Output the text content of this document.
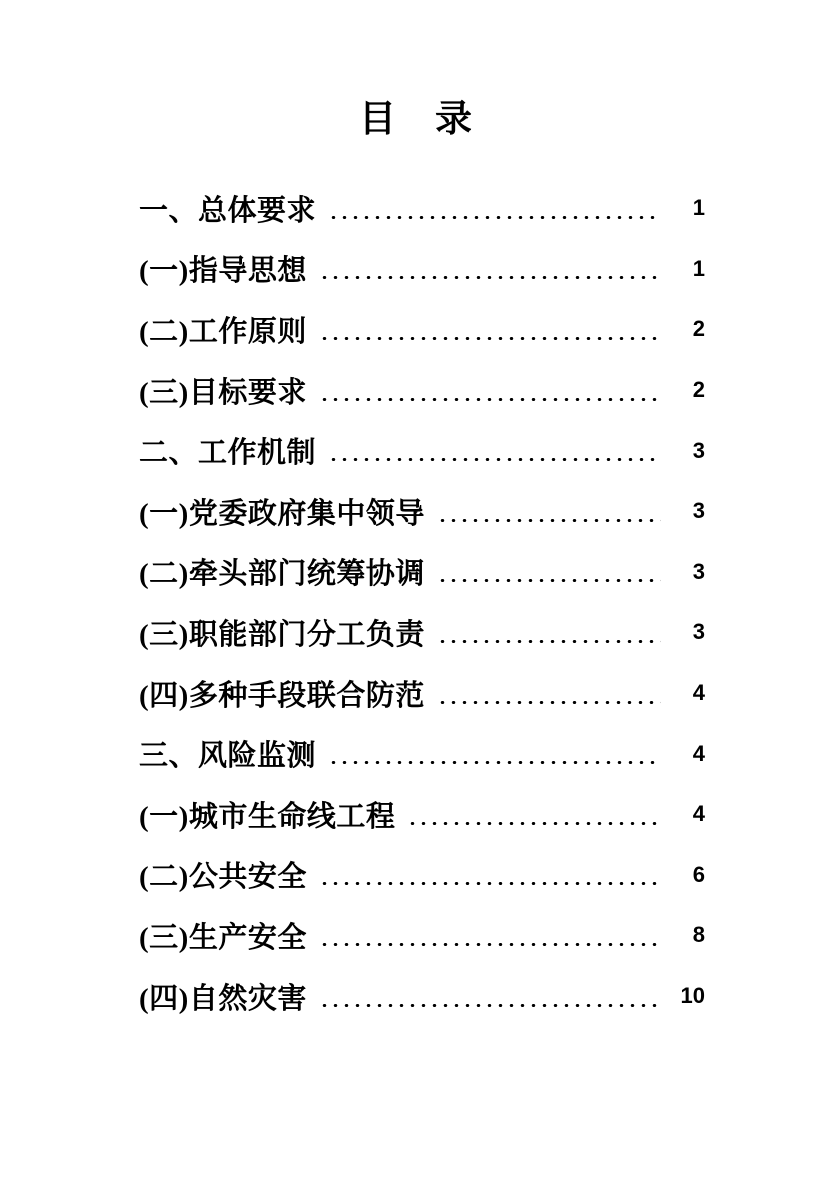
目　录
一、总体要求	1
(一)指导思想	1
(二)工作原则	2
(三)目标要求	2
二、工作机制	3
(一)党委政府集中领导	3
(二)牵头部门统筹协调	3
(三)职能部门分工负责	3
(四)多种手段联合防范	4
三、风险监测	4
(一)城市生命线工程	4
(二)公共安全	6
(三)生产安全	8
(四)自然灾害	10
